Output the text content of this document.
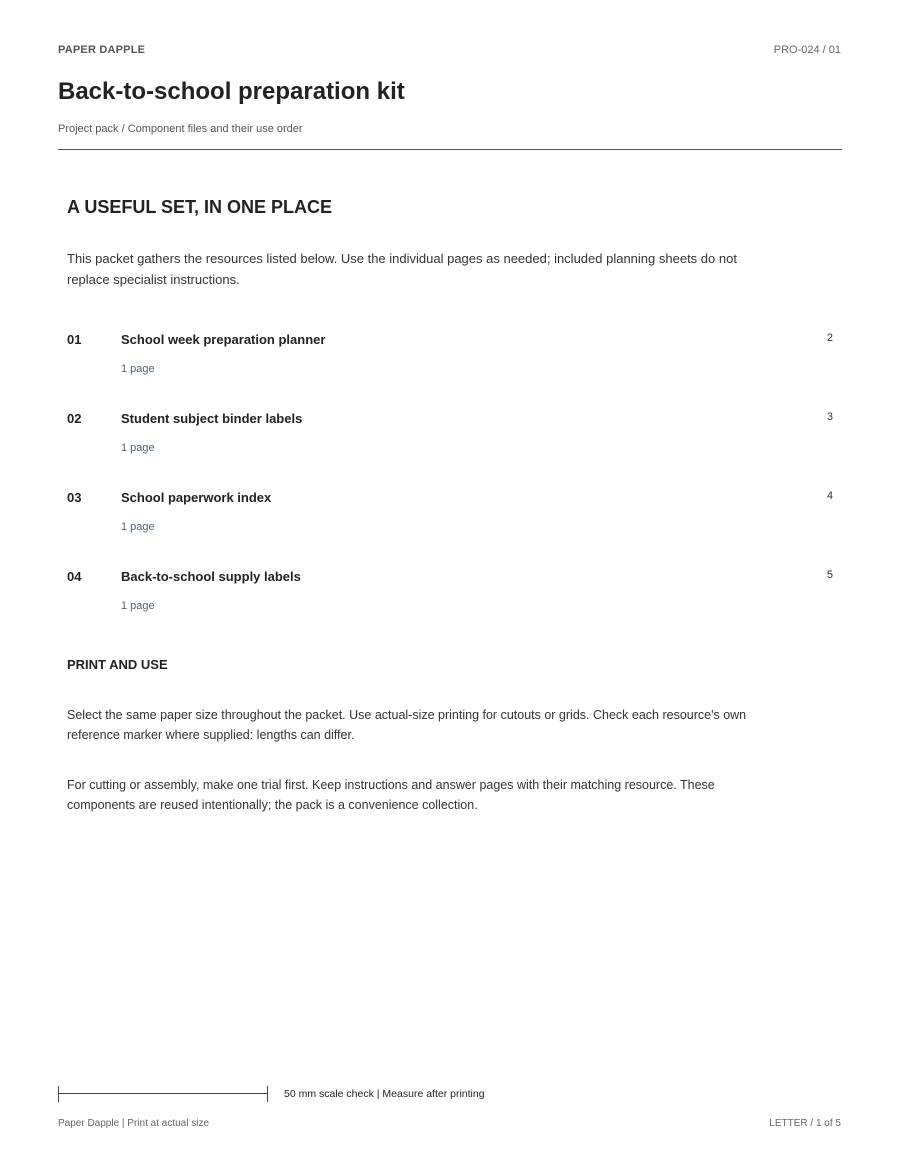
PAPER DAPPLE	PRO-024 / 01
Back-to-school preparation kit
Project pack / Component files and their use order
A USEFUL SET, IN ONE PLACE

This packet gathers the resources listed below. Use the individual pages as needed; included planning sheets do not replace specialist instructions.

01	School week preparation planner	2
1 page
02	Student subject binder labels	3
1 page
03	School paperwork index	4
1 page
04	Back-to-school supply labels	5
1 page
PRINT AND USE

Select the same paper size throughout the packet. Use actual-size printing for cutouts or grids. Check each resource's own reference marker where supplied: lengths can differ.

For cutting or assembly, make one trial first. Keep instructions and answer pages with their matching resource. These components are reused intentionally; the pack is a convenience collection.

50 mm scale check | Measure after printing
Paper Dapple | Print at actual size	LETTER / 1 of 5
